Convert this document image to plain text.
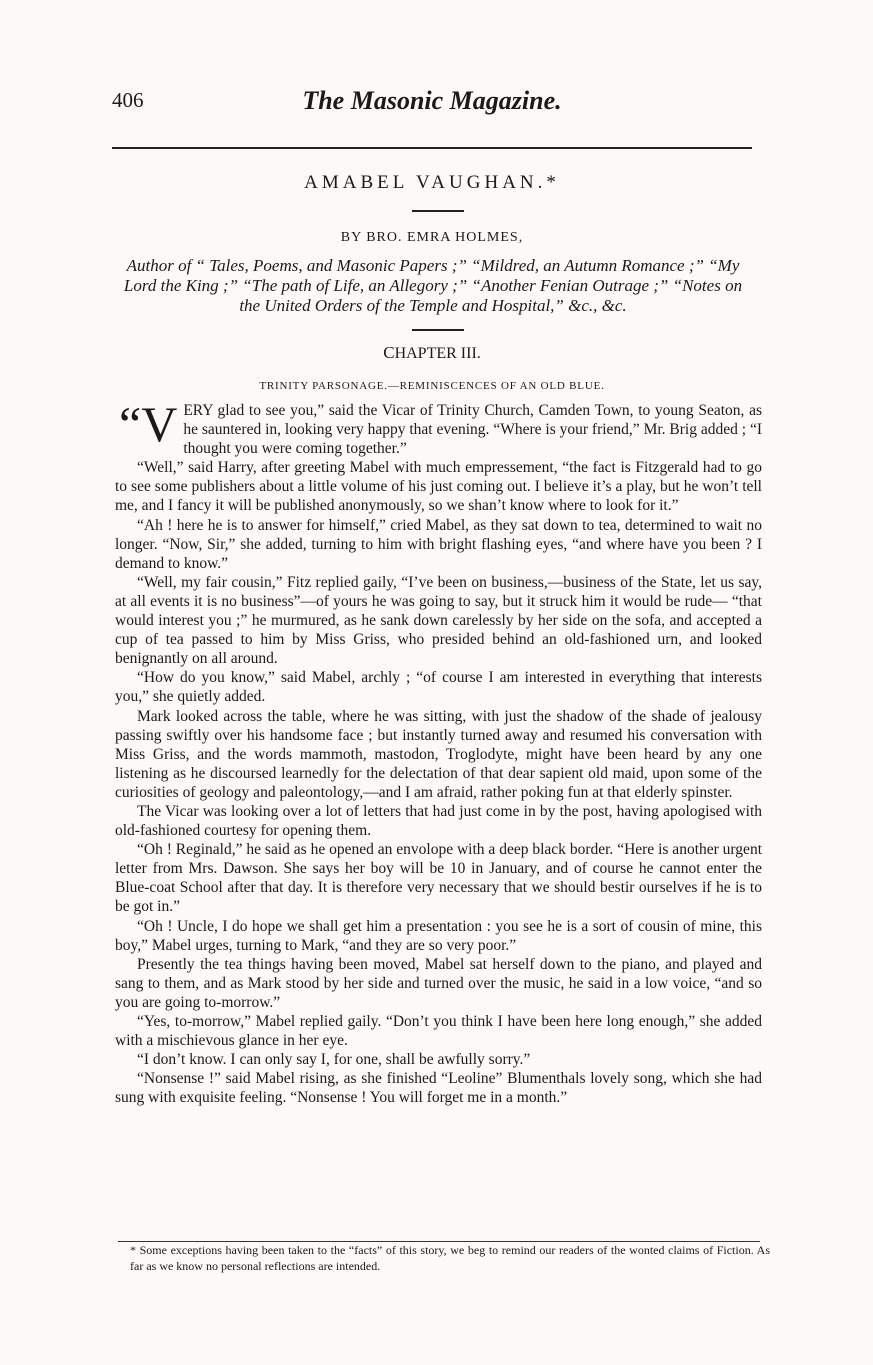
406	The Masonic Magazine.
AMABEL VAUGHAN.*
BY BRO. EMRA HOLMES,
Author of “ Tales, Poems, and Masonic Papers ;” “Mildred, an Autumn Romance ;” “My Lord the King ;” “The path of Life, an Allegory ;” “Another Fenian Outrage ;” “Notes on the United Orders of the Temple and Hospital,” &c., &c.
CHAPTER III.
TRINITY PARSONAGE.—REMINISCENCES OF AN OLD BLUE.

“V ERY glad to see you,” said the Vicar of Trinity Church, Camden Town, to young Seaton, as he sauntered in, looking very happy that evening. “Where is your friend,” Mr. Brig added ; “I thought you were coming together.”

“Well,” said Harry, after greeting Mabel with much empressement, “the fact is Fitzgerald had to go to see some publishers about a little volume of his just coming out. I believe it’s a play, but he won’t tell me, and I fancy it will be published anonymously, so we shan’t know where to look for it.”

“Ah ! here he is to answer for himself,” cried Mabel, as they sat down to tea, determined to wait no longer. “Now, Sir,” she added, turning to him with bright flashing eyes, “and where have you been ? I demand to know.”

“Well, my fair cousin,” Fitz replied gaily, “I’ve been on business,—business of the State, let us say, at all events it is no business”—of yours he was going to say, but it struck him it would be rude— “that would interest you ;” he murmured, as he sank down carelessly by her side on the sofa, and accepted a cup of tea passed to him by Miss Griss, who presided behind an old-fashioned urn, and looked benignantly on all around.

“How do you know,” said Mabel, archly ; “of course I am interested in everything that interests you,” she quietly added.

Mark looked across the table, where he was sitting, with just the shadow of the shade of jealousy passing swiftly over his handsome face ; but instantly turned away and resumed his conversation with Miss Griss, and the words mammoth, mastodon, Troglodyte, might have been heard by any one listening as he discoursed learnedly for the delectation of that dear sapient old maid, upon some of the curiosities of geology and paleontology,—and I am afraid, rather poking fun at that elderly spinster.

The Vicar was looking over a lot of letters that had just come in by the post, having apologised with old-fashioned courtesy for opening them.

“Oh ! Reginald,” he said as he opened an envolope with a deep black border. “Here is another urgent letter from Mrs. Dawson. She says her boy will be 10 in January, and of course he cannot enter the Blue-coat School after that day. It is therefore very necessary that we should bestir ourselves if he is to be got in.”

“Oh ! Uncle, I do hope we shall get him a presentation : you see he is a sort of cousin of mine, this boy,” Mabel urges, turning to Mark, “and they are so very poor.”

Presently the tea things having been moved, Mabel sat herself down to the piano, and played and sang to them, and as Mark stood by her side and turned over the music, he said in a low voice, “and so you are going to-morrow.”

“Yes, to-morrow,” Mabel replied gaily. “Don’t you think I have been here long enough,” she added with a mischievous glance in her eye.

“I don’t know. I can only say I, for one, shall be awfully sorry.”

“Nonsense !” said Mabel rising, as she finished “Leoline” Blumenthals lovely song, which she had sung with exquisite feeling. “Nonsense ! You will forget me in a month.”

* Some exceptions having been taken to the “facts” of this story, we beg to remind our readers of the wonted claims of Fiction. As far as we know no personal reflections are intended.
